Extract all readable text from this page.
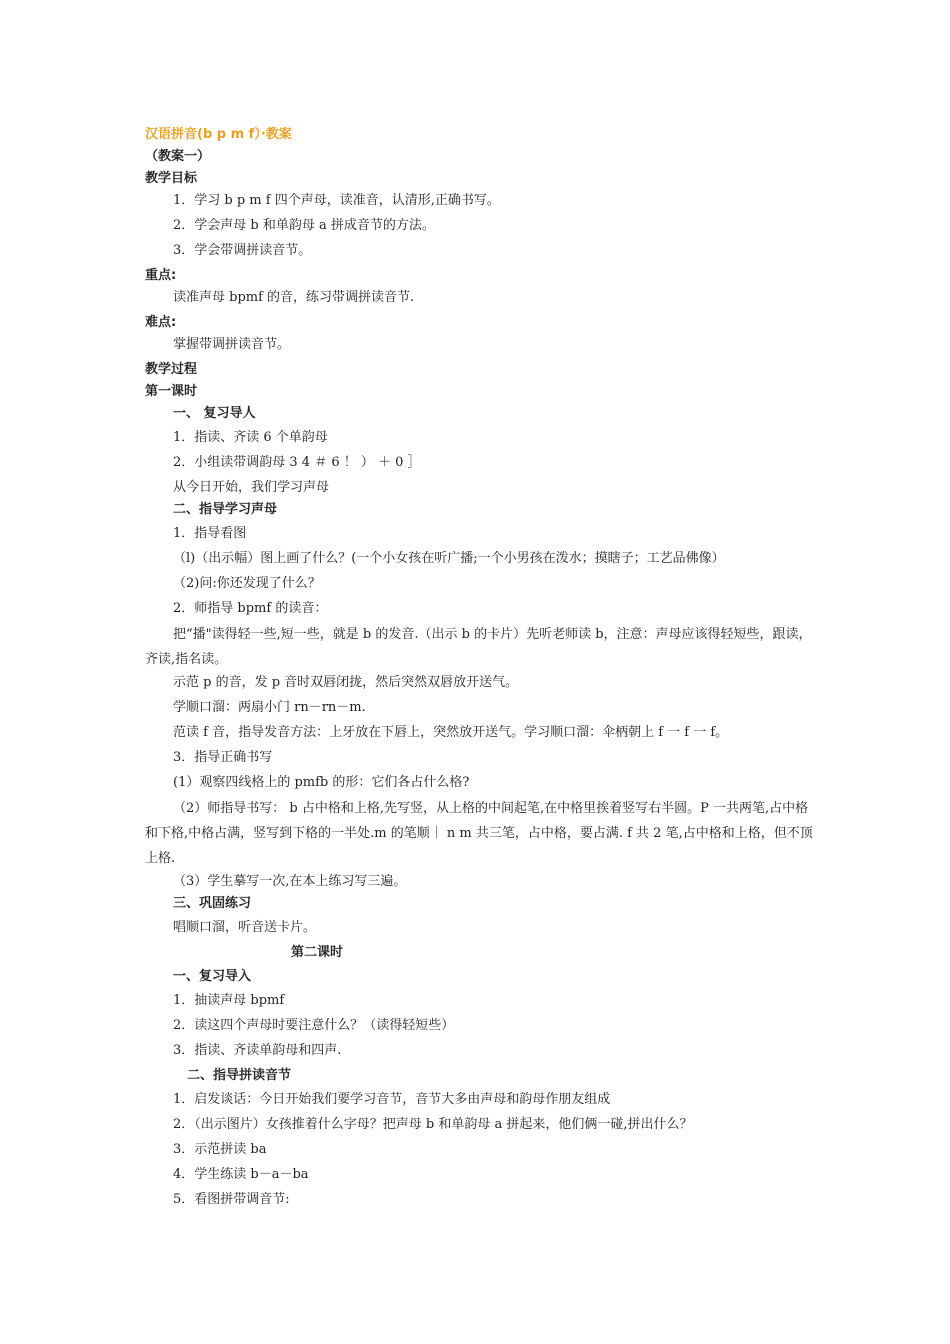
汉语拼音(b p m f）·教案

（教案一）

教学目标

1．学习 b p m f 四个声母，读准音，认清形,正确书写。

2．学会声母 b 和单韵母 a 拼成音节的方法。

3．学会带调拼读音节。

重点:

读准声母 bpmf 的音，练习带调拼读音节.

难点:

掌握带调拼读音节。

教学过程

第一课时

一、 复习导人

1．指读、齐读 6 个单韵母

2．小组读带调韵母 3 4 ＃ 6 ！ ） ＋ 0 ］

从今日开始，我们学习声母

二、指导学习声母

1．指导看图

（l)（出示幅）图上画了什么？(一个小女孩在听广播;一个小男孩在泼水；摸瞎子；工艺品佛像）

（2)问:你还发现了什么？

2．师指导 bpmf 的读音：

把“播"读得轻一些,短一些，就是 b 的发音.（出示 b 的卡片）先听老师读 b，注意：声母应该得轻短些，跟读，齐读,指名读。

示范 p 的音，发 p 音时双唇闭拢，然后突然双唇放开送气。

学顺口溜：两扇小门 rn－rn－m.

范读 f 音，指导发音方法：上牙放在下唇上，突然放开送气。学习顺口溜：伞柄朝上 f 一 f 一 f。

3．指导正确书写

(1）观察四线格上的 pmfb 的形：它们各占什么格?

（2）师指导书写： b 占中格和上格,先写竖，从上格的中间起笔,在中格里挨着竖写右半圆。P 一共两笔,占中格和下格,中格占满，竖写到下格的一半处.m 的笔顺｜ n m 共三笔，占中格，要占满. f 共 2 笔,占中格和上格，但不顶上格.

（3）学生摹写一次,在本上练习写三遍。

三、巩固练习

唱顺口溜，听音送卡片。

第二课时

一、复习导入

1．抽读声母 bpmf

2．读这四个声母时要注意什么？（读得轻短些）

3．指读、齐读单韵母和四声.

二、指导拼读音节

1．启发谈话：今日开始我们要学习音节，音节大多由声母和韵母作朋友组成

2．（出示图片）女孩推着什么字母？把声母 b 和单韵母 a 拼起来，他们俩一碰,拼出什么？

3．示范拼读 ba

4．学生练读 b－a－ba

5．看图拼带调音节:
